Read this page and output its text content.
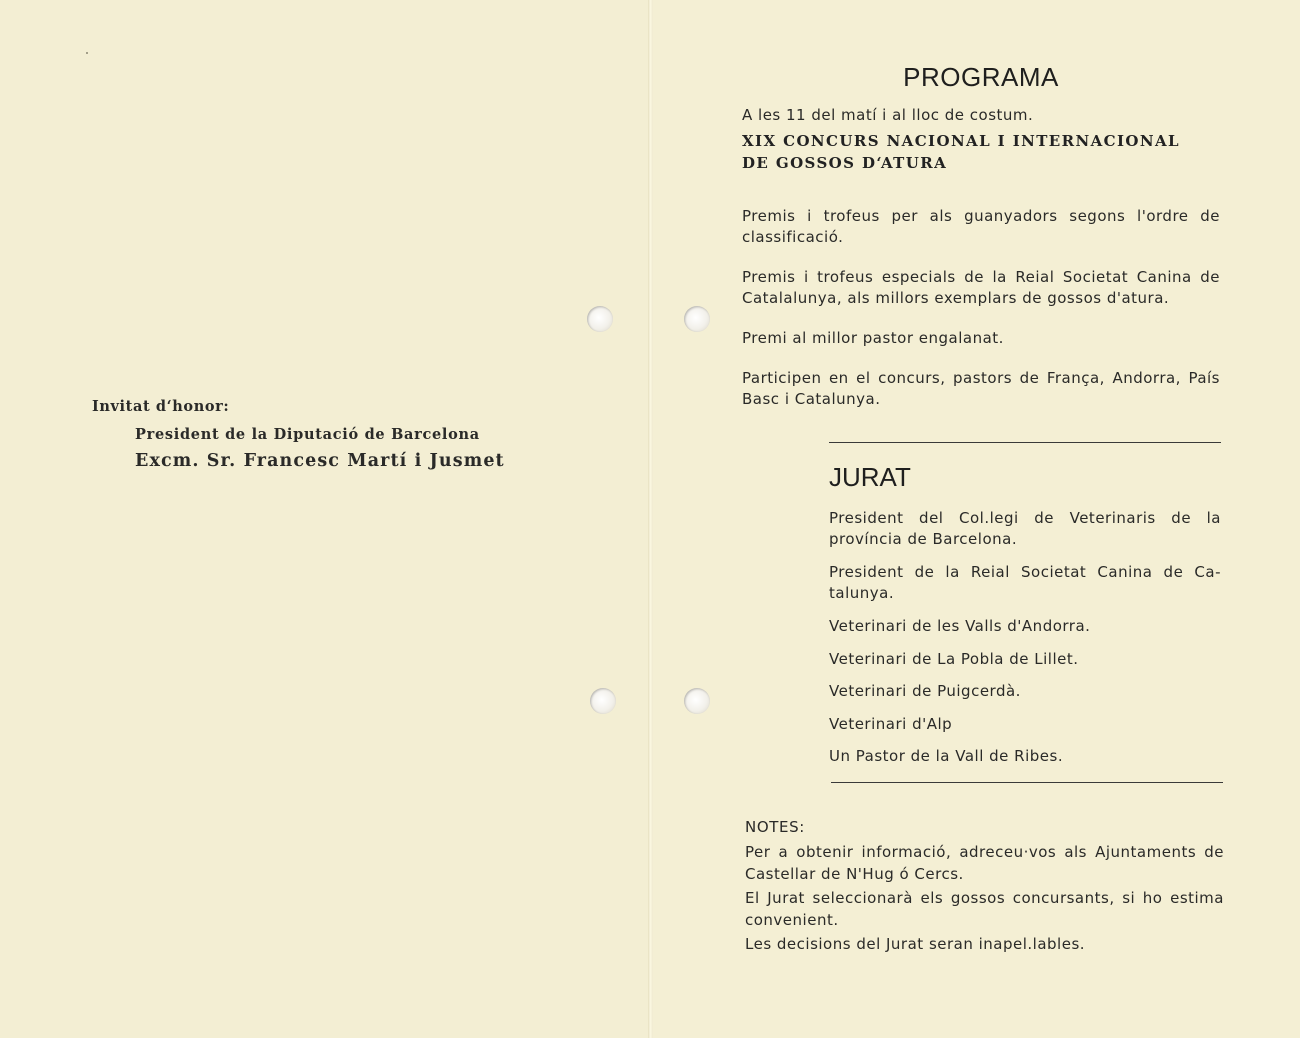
Invitat d‘honor:
President de la Diputació de Barcelona
Excm. Sr. Francesc Martí i Jusmet
PROGRAMA
A les 11 del matí i al lloc de costum.
XIX CONCURS NACIONAL I INTERNACIONAL
DE GOSSOS D‘ATURA
Premis i trofeus per als guanyadors segons l'ordre de classificació.
Premis i trofeus especials de la Reial Societat Canina de Catalalunya, als millors exemplars de gossos d'atura.
Premi al millor pastor engalanat.
Participen en el concurs, pastors de França, Andorra, País Basc i Catalunya.
JURAT
President del Col.legi de Veterinaris de la província de Barcelona.
President de la Reial Societat Canina de Ca-talunya.
Veterinari de les Valls d'Andorra.
Veterinari de La Pobla de Lillet.
Veterinari de Puigcerdà.
Veterinari d'Alp
Un Pastor de la Vall de Ribes.
NOTES:
Per a obtenir informació, adreceu·vos als Ajuntaments de Castellar de N'Hug ó Cercs.
El Jurat seleccionarà els gossos concursants, si ho estima convenient.
Les decisions del Jurat seran inapel.lables.
